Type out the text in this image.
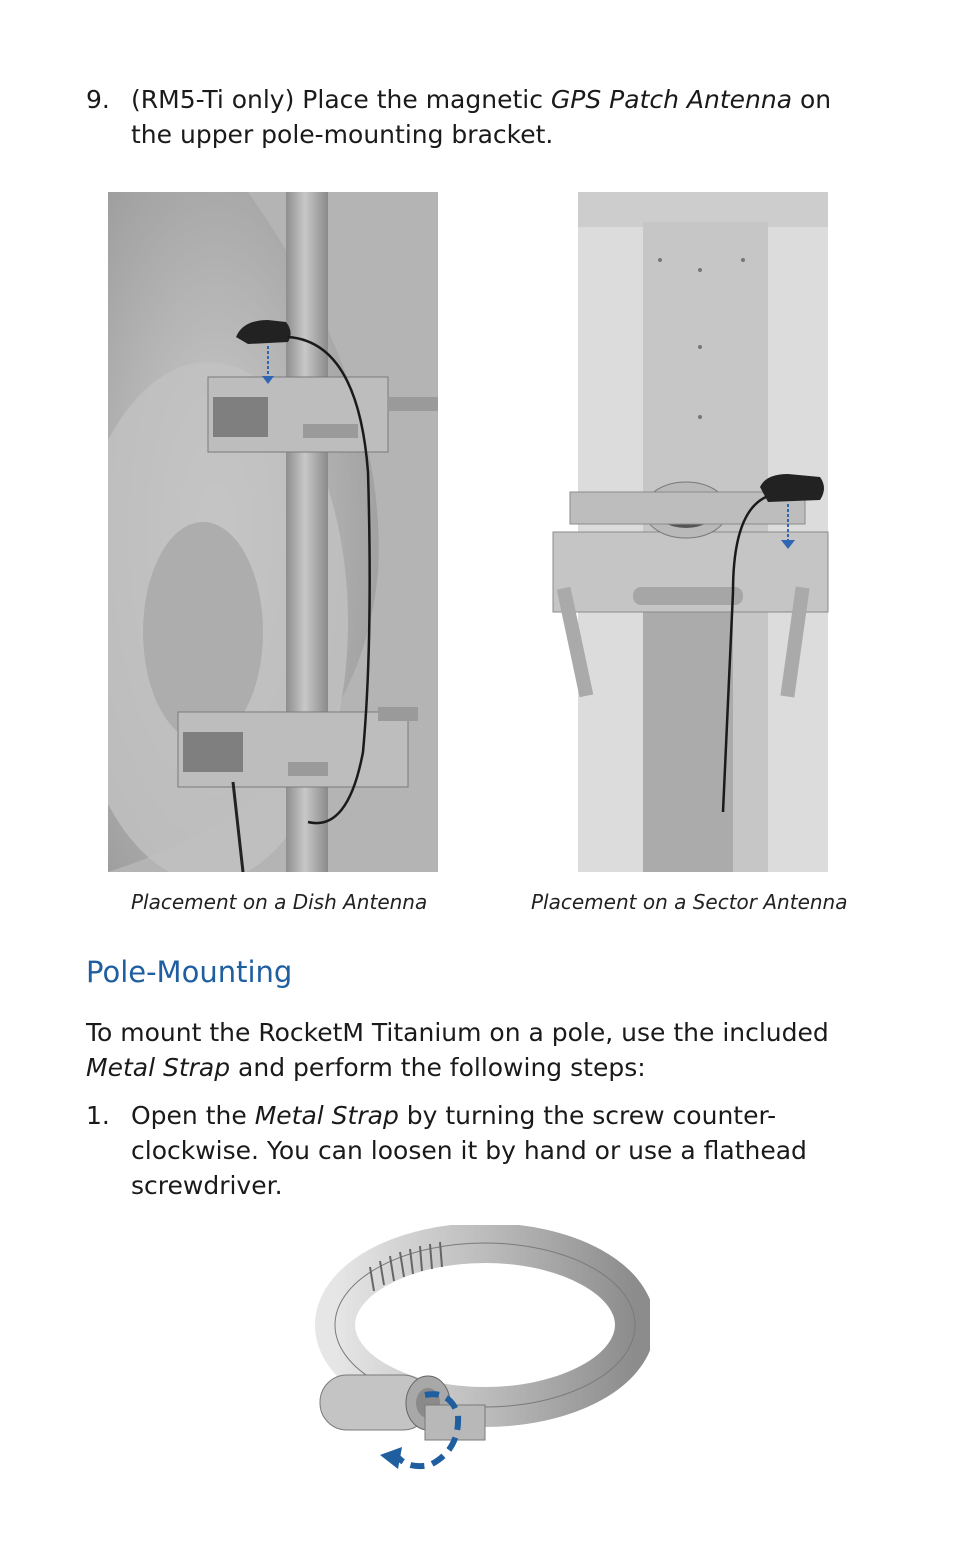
9. (RM5-Ti only) Place the magnetic GPS Patch Antenna on the upper pole-mounting bracket.
Placement on a Dish Antenna	Placement on a Sector Antenna
Pole-Mounting
To mount the RocketM Titanium on a pole, use the included Metal Strap and perform the following steps:
1. Open the Metal Strap by turning the screw counter-clockwise. You can loosen it by hand or use a flathead screwdriver.
